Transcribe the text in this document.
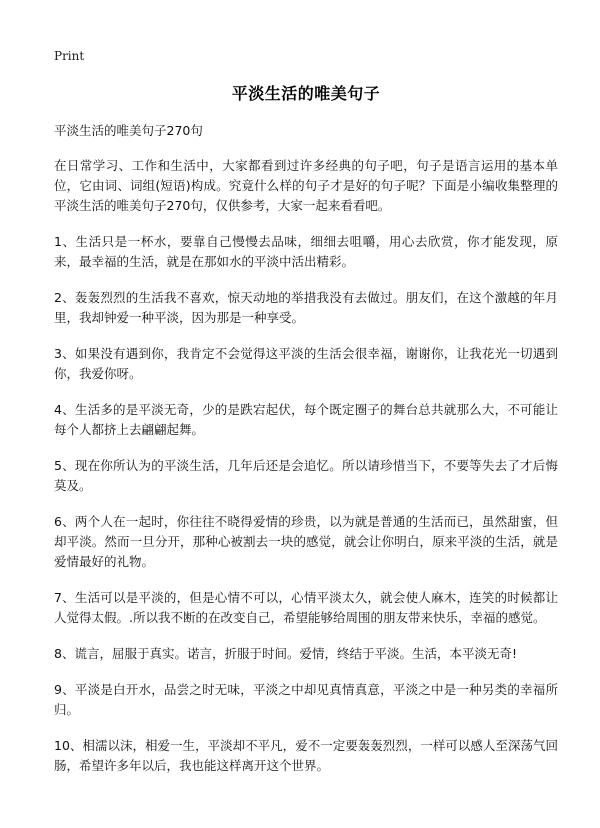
Print
平淡生活的唯美句子

平淡生活的唯美句子270句

在日常学习、工作和生活中，大家都看到过许多经典的句子吧，句子是语言运用的基本单位，它由词、词组(短语)构成。究竟什么样的句子才是好的句子呢？下面是小编收集整理的平淡生活的唯美句子270句，仅供参考，大家一起来看看吧。

1、生活只是一杯水，要靠自己慢慢去品味，细细去咀嚼，用心去欣赏，你才能发现，原来，最幸福的生活，就是在那如水的平淡中活出精彩。
2、轰轰烈烈的生活我不喜欢，惊天动地的举措我没有去做过。朋友们，在这个激越的年月里，我却钟爱一种平淡，因为那是一种享受。
3、如果没有遇到你，我肯定不会觉得这平淡的生活会很幸福，谢谢你，让我花光一切遇到你，我爱你呀。
4、生活多的是平淡无奇，少的是跌宕起伏，每个既定圈子的舞台总共就那么大，不可能让每个人都挤上去翩翩起舞。
5、现在你所认为的平淡生活，几年后还是会追忆。所以请珍惜当下，不要等失去了才后悔莫及。
6、两个人在一起时，你往往不晓得爱情的珍贵，以为就是普通的生活而已，虽然甜蜜，但却平淡。然而一旦分开，那种心被割去一块的感觉，就会让你明白，原来平淡的生活，就是爱情最好的礼物。
7、生活可以是平淡的，但是心情不可以，心情平淡太久，就会使人麻木，连笑的时候都让人觉得太假。.所以我不断的在改变自己，希望能够给周围的朋友带来快乐，幸福的感觉。
8、谎言，屈服于真实。诺言，折服于时间。爱情，终结于平淡。生活，本平淡无奇!
9、平淡是白开水，品尝之时无味，平淡之中却见真情真意，平淡之中是一种另类的幸福所归。
10、相濡以沫，相爱一生，平淡却不平凡，爱不一定要轰轰烈烈，一样可以感人至深荡气回肠，希望许多年以后，我也能这样离开这个世界。
